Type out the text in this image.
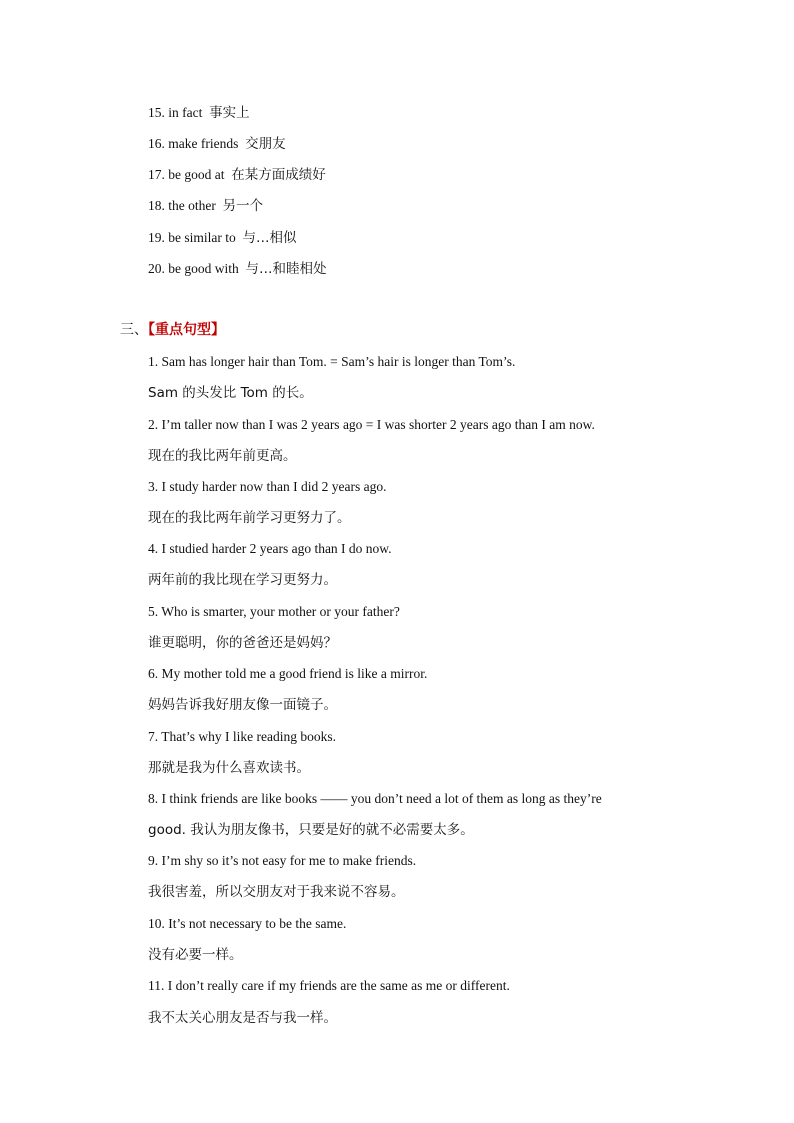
15. in fact 事实上
16. make friends 交朋友
17. be good at 在某方面成绩好
18. the other 另一个
19. be similar to 与…相似
20. be good with 与…和睦相处
三、【重点句型】
1. Sam has longer hair than Tom. = Sam’s hair is longer than Tom’s.
Sam 的头发比 Tom 的长。
2. I’m taller now than I was 2 years ago = I was shorter 2 years ago than I am now.
现在的我比两年前更高。
3. I study harder now than I did 2 years ago.
现在的我比两年前学习更努力了。
4. I studied harder 2 years ago than I do now.
两年前的我比现在学习更努力。
5. Who is smarter, your mother or your father?
谁更聪明，你的爸爸还是妈妈？
6. My mother told me a good friend is like a mirror.
妈妈告诉我好朋友像一面镜子。
7. That’s why I like reading books.
那就是我为什么喜欢读书。
8. I think friends are like books —— you don’t need a lot of them as long as they’re
good. 我认为朋友像书，只要是好的就不必需要太多。
9. I’m shy so it’s not easy for me to make friends.
我很害羞，所以交朋友对于我来说不容易。
10. It’s not necessary to be the same.
没有必要一样。
11. I don’t really care if my friends are the same as me or different.
我不太关心朋友是否与我一样。
